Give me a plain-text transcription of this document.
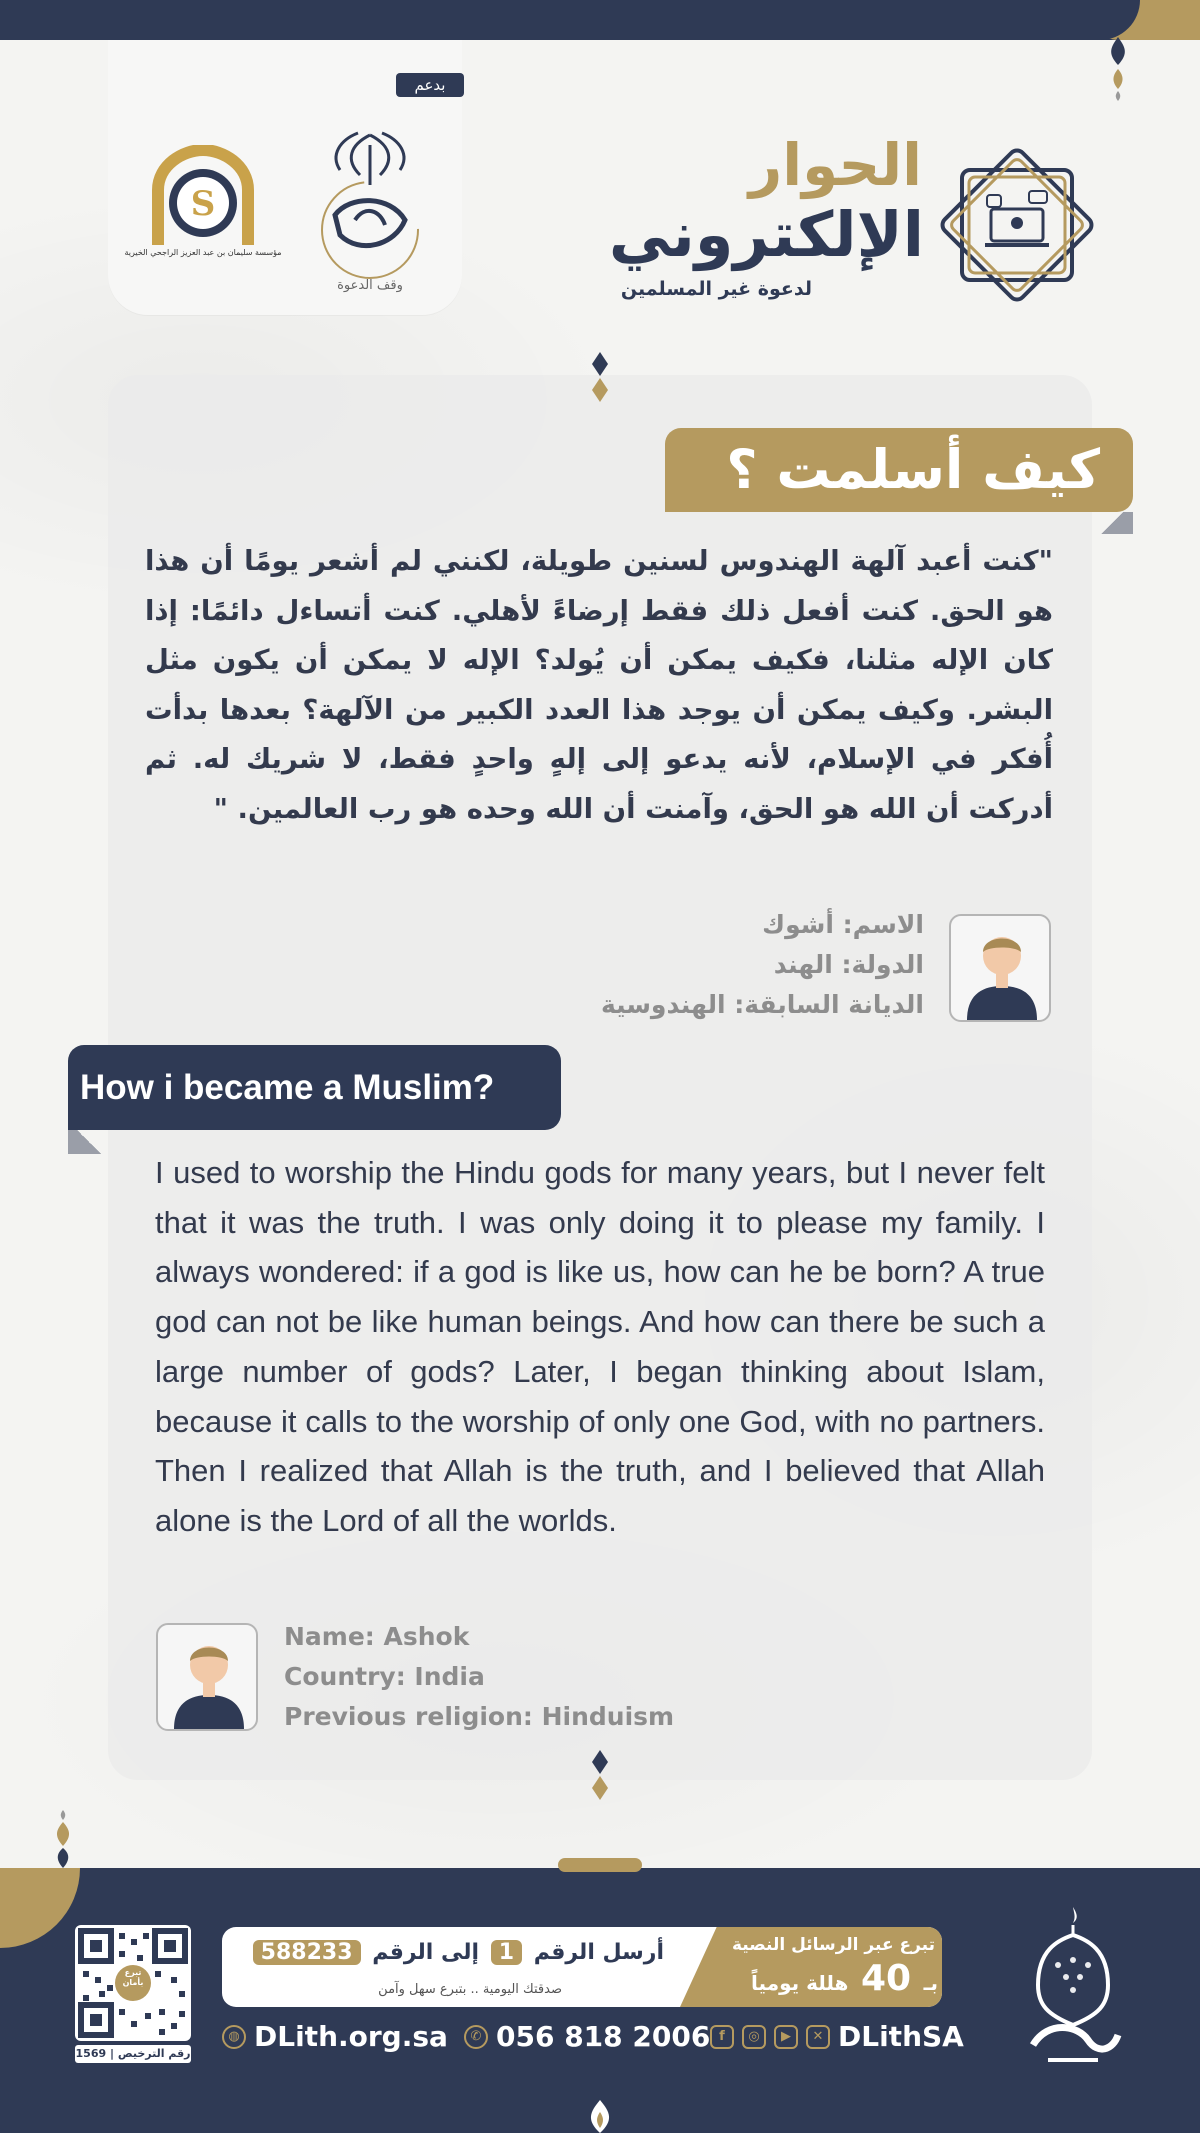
بدعم
وقف الدعوة
S
مؤسسة سليمان بن عبد العزيز الراجحي الخيرية
الحوار
الإلكتروني
لدعوة غير المسلمين
كيف أسلمت ؟
"كنت أعبد آلهة الهندوس لسنين طويلة، لكنني لم أشعر يومًا أن هذا هو الحق. كنت أفعل ذلك فقط إرضاءً لأهلي. كنت أتساءل دائمًا: إذا كان الإله مثلنا، فكيف يمكن أن يُولد؟ الإله لا يمكن أن يكون مثل البشر. وكيف يمكن أن يوجد هذا العدد الكبير من الآلهة؟ بعدها بدأت أُفكر في الإسلام، لأنه يدعو إلى إلهٍ واحدٍ فقط، لا شريك له. ثم أدركت أن الله هو الحق، وآمنت أن الله وحده هو رب العالمين. "
الاسم: أشوك
الدولة: الهند
الديانة السابقة: الهندوسية
How i became a Muslim?
I used to worship the Hindu gods for many years, but I never felt that it was the truth. I was only doing it to please my family. I always wondered: if a god is like us, how can he be born? A true god can not be like human beings. And how can there be such a large number of gods? Later, I began thinking about Islam, because it calls to the worship of only one God, with no partners. Then I realized that Allah is the truth, and I believed that Allah alone is the Lord of all the worlds.
Name: Ashok
Country: India
Previous religion: Hinduism
تبرع بأمان
1569 | رقم الترخيص
تبرع عبر الرسائل النصية
بـ 40 هللة يومياً
أرسل الرقم 1 إلى الرقم 588233
صدقتك اليومية .. بتبرع سهل وآمن
◍ DLith.org.sa	✆ 056 818 2006 f	◎	▶	✕ DLithSA
